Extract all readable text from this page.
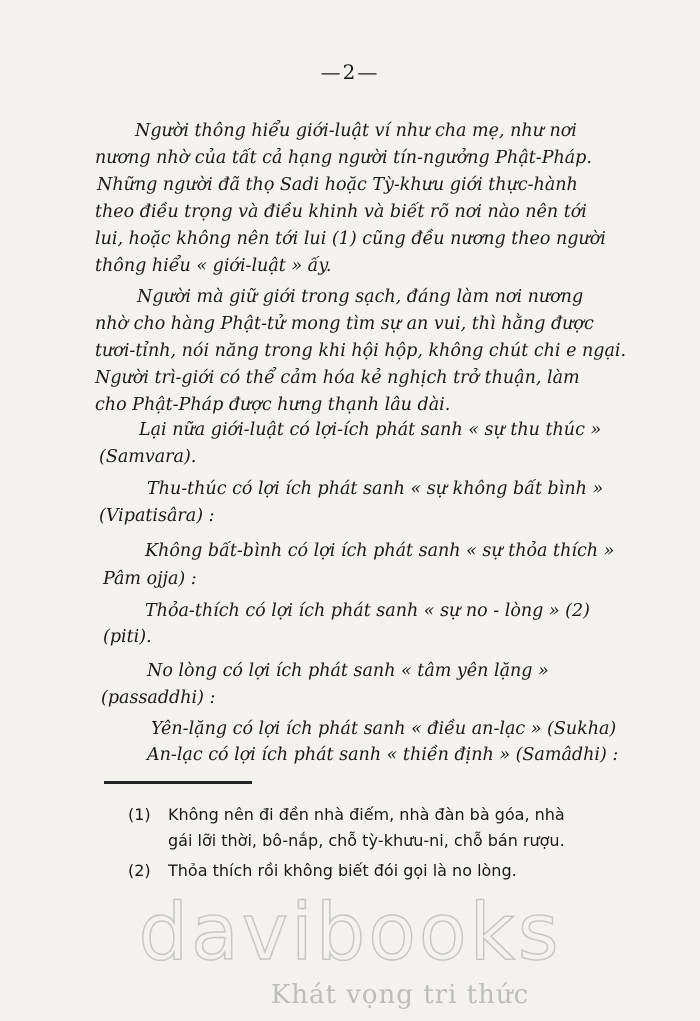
—2—
Người thông hiểu giới-luật ví như cha mẹ, như nơi
nương nhờ của tất cả hạng người tín-ngưởng Phật-Pháp.
Những người đã thọ Sadi hoặc Tỳ-khưu giới thực-hành
theo điều trọng và điều khinh và biết rõ nơi nào nên tới
lui, hoặc không nên tới lui (1) cũng đều nương theo người
thông hiểu « giới-luật » ấy.
Người mà giữ giới trong sạch, đáng làm nơi nương
nhờ cho hàng Phật-tử mong tìm sự an vui, thì hằng được
tươi-tỉnh, nói năng trong khi hội hộp, không chút chi e ngại.
Người trì-giới có thể cảm hóa kẻ nghịch trở thuận, làm
cho Phật-Pháp được hưng thạnh lâu dài.
Lại nữa giới-luật có lợi-ích phát sanh « sự thu thúc »
(Samvara).
Thu-thúc có lợi ích phát sanh « sự không bất bình »
(Vipatisâra) :
Không bất-bình có lợi ích phát sanh « sự thỏa thích »
Pâm ojja) :
Thỏa-thích có lợi ích phát sanh « sự no - lòng » (2)
(piti).
No lòng có lợi ích phát sanh « tâm yên lặng »
(passaddhi) :
Yên-lặng có lợi ích phát sanh « điều an-lạc » (Sukha)
An-lạc có lợi ích phát sanh « thiền định » (Samâdhi) :
(1) Không nên đi đền nhà điếm, nhà đàn bà góa, nhà
gái lỡi thời, bô-nắp, chỗ tỳ-khưu-ni, chỗ bán rượu.
(2) Thỏa thích rồi không biết đói gọi là no lòng.
davibooks
Khát vọng tri thức
